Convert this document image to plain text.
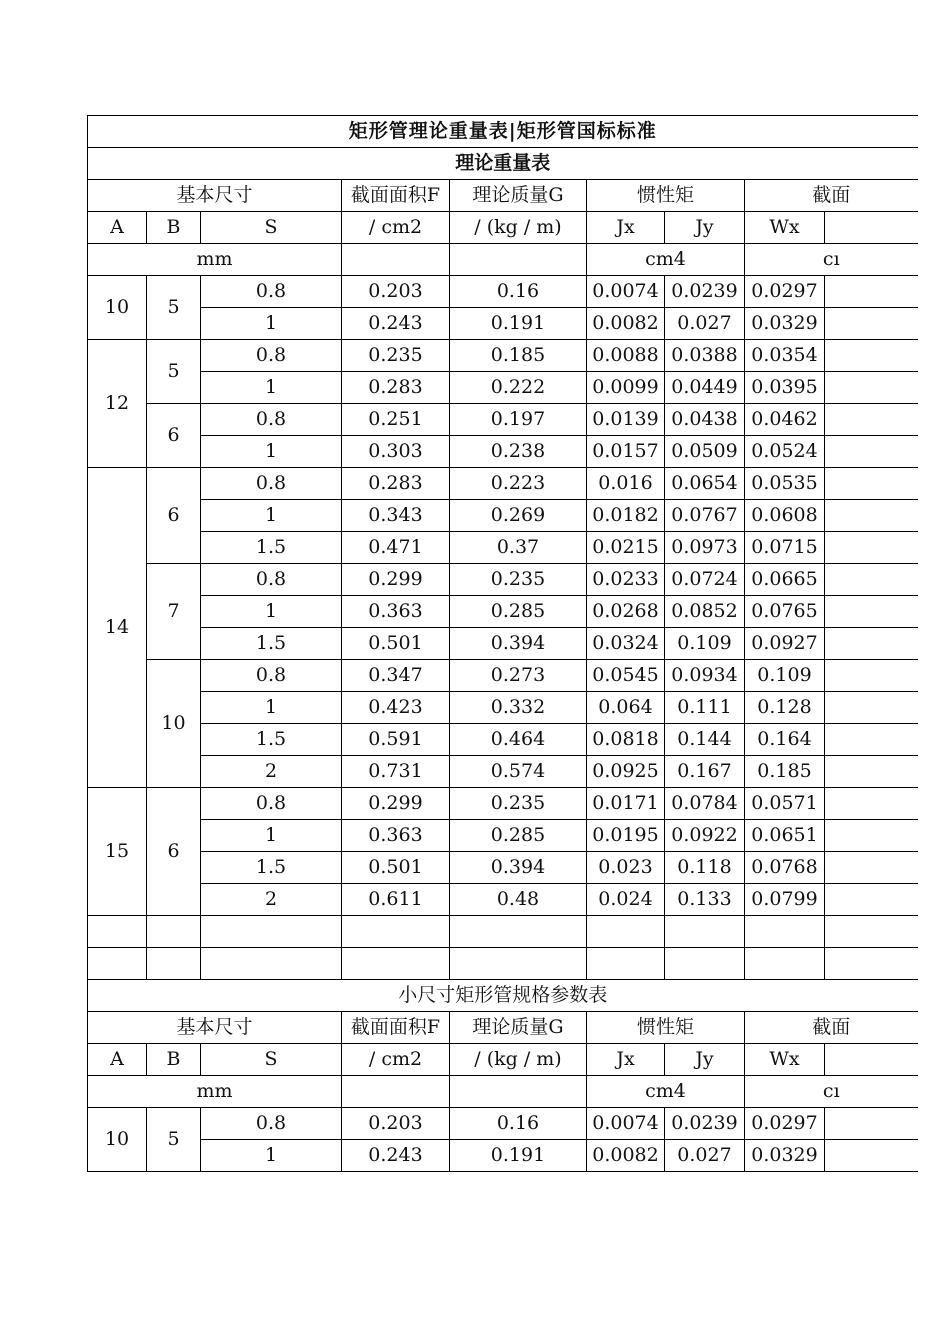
矩形管理论重量表|矩形管国标标准								
理论重量表								
基本尺寸			截面面积F	理论质量G	惯性矩		截面	
A	B	S	/ cm2	/ (kg / m)	Jx	Jy	Wx	
mm					cm4		cı	
10	5	0.8	0.203	0.16	0.0074	0.0239	0.0297	
		1	0.243	0.191	0.0082	0.027	0.0329	
12	5	0.8	0.235	0.185	0.0088	0.0388	0.0354	
		1	0.283	0.222	0.0099	0.0449	0.0395	
	6	0.8	0.251	0.197	0.0139	0.0438	0.0462	
		1	0.303	0.238	0.0157	0.0509	0.0524	
14	6	0.8	0.283	0.223	0.016	0.0654	0.0535	
		1	0.343	0.269	0.0182	0.0767	0.0608	
		1.5	0.471	0.37	0.0215	0.0973	0.0715	
	7	0.8	0.299	0.235	0.0233	0.0724	0.0665	
		1	0.363	0.285	0.0268	0.0852	0.0765	
		1.5	0.501	0.394	0.0324	0.109	0.0927	
	10	0.8	0.347	0.273	0.0545	0.0934	0.109	
		1	0.423	0.332	0.064	0.111	0.128	
		1.5	0.591	0.464	0.0818	0.144	0.164	
		2	0.731	0.574	0.0925	0.167	0.185	
15	6	0.8	0.299	0.235	0.0171	0.0784	0.0571	
		1	0.363	0.285	0.0195	0.0922	0.0651	
		1.5	0.501	0.394	0.023	0.118	0.0768	
		2	0.611	0.48	0.024	0.133	0.0799	

小尺寸矩形管规格参数表								
基本尺寸			截面面积F	理论质量G	惯性矩		截面	
A	B	S	/ cm2	/ (kg / m)	Jx	Jy	Wx	
mm					cm4		cı	
10	5	0.8	0.203	0.16	0.0074	0.0239	0.0297	
		1	0.243	0.191	0.0082	0.027	0.0329	
